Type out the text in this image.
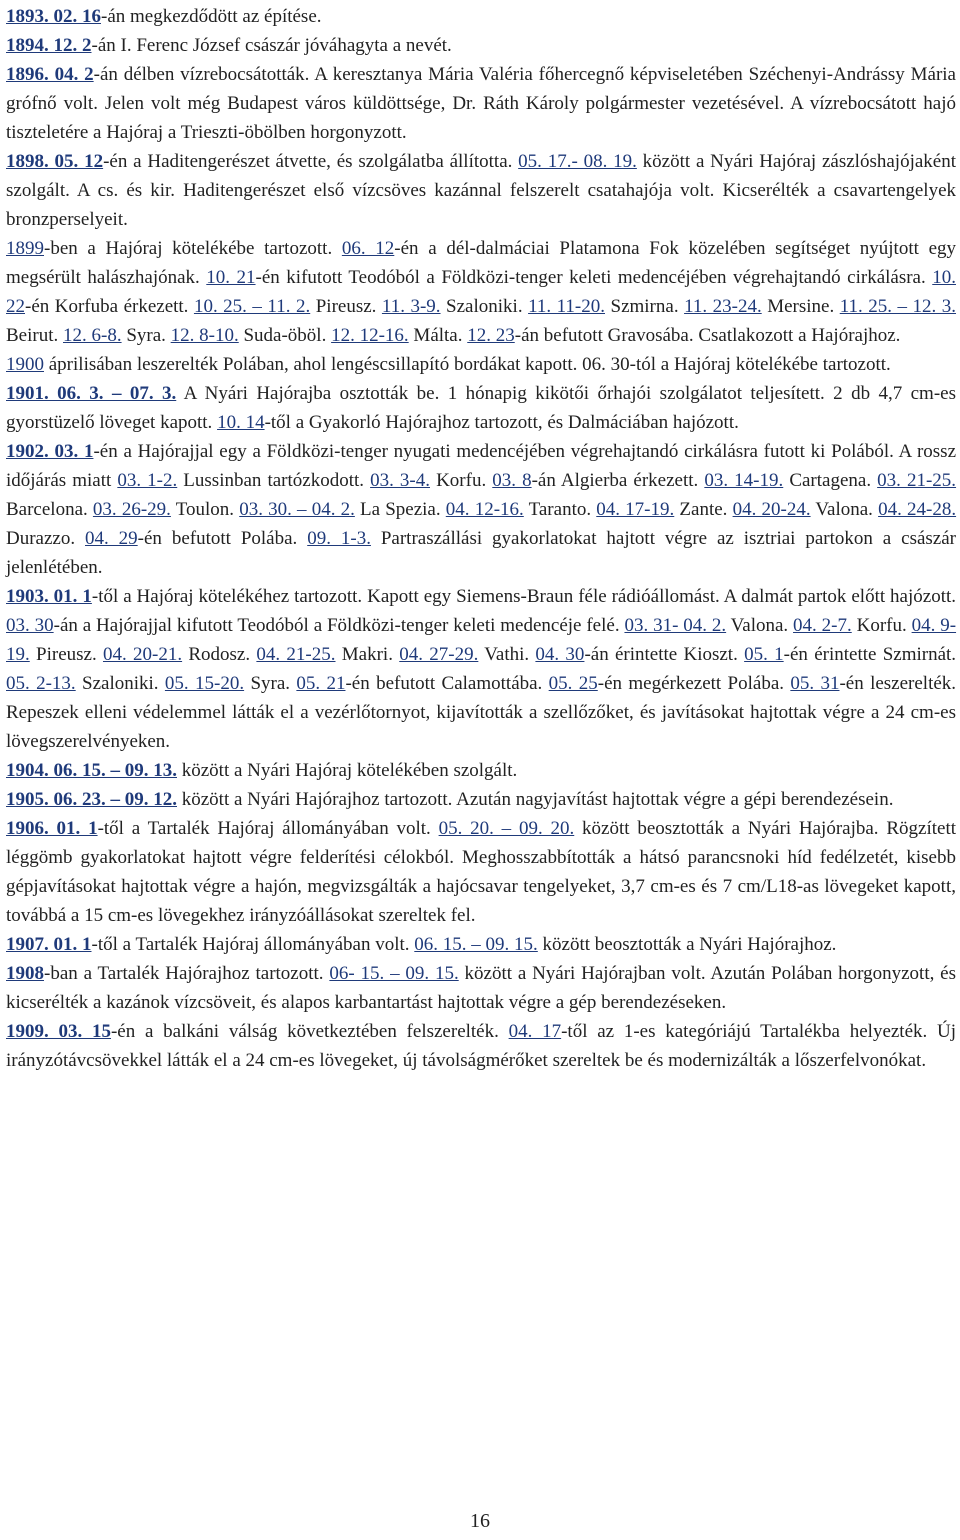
1893. 02. 16-án megkezdődött az építése.

1894. 12. 2-án I. Ferenc József császár jóváhagyta a nevét.

1896. 04. 2-án délben vízrebocsátották. A keresztanya Mária Valéria főhercegnő képviseletében Széchenyi-Andrássy Mária grófnő volt. Jelen volt még Budapest város küldöttsége, Dr. Ráth Károly polgármester vezetésével. A vízrebocsátott hajó tiszteletére a Hajóraj a Trieszti-öbölben horgonyzott.

1898. 05. 12-én a Haditengerészet átvette, és szolgálatba állította. 05. 17.- 08. 19. között a Nyári Hajóraj zászlóshajójaként szolgált. A cs. és kir. Haditengerészet első vízcsöves kazánnal felszerelt csatahajója volt. Kicserélték a csavartengelyek bronzperselyeit.

1899-ben a Hajóraj kötelékébe tartozott. 06. 12-én a dél-dalmáciai Platamona Fok közelében segítséget nyújtott egy megsérült halászhajónak. 10. 21-én kifutott Teodóból a Földközi-tenger keleti medencéjében végrehajtandó cirkálásra. 10. 22-én Korfuba érkezett. 10. 25. – 11. 2. Pireusz. 11. 3-9. Szaloniki. 11. 11-20. Szmirna. 11. 23-24. Mersine. 11. 25. – 12. 3. Beirut. 12. 6-8. Syra. 12. 8-10. Suda-öböl. 12. 12-16. Málta. 12. 23-án befutott Gravosába. Csatlakozott a Hajórajhoz.

1900 áprilisában leszerelték Polában, ahol lengéscsillapító bordákat kapott. 06. 30-tól a Hajóraj kötelékébe tartozott.

1901. 06. 3. – 07. 3. A Nyári Hajórajba osztották be. 1 hónapig kikötői őrhajói szolgálatot teljesített. 2 db 4,7 cm-es gyorstüzelő löveget kapott. 10. 14-től a Gyakorló Hajórajhoz tartozott, és Dalmáciában hajózott.

1902. 03. 1-én a Hajórajjal egy a Földközi-tenger nyugati medencéjében végrehajtandó cirkálásra futott ki Polából. A rossz időjárás miatt 03. 1-2. Lussinban tartózkodott. 03. 3-4. Korfu. 03. 8-án Algierba érkezett. 03. 14-19. Cartagena. 03. 21-25. Barcelona. 03. 26-29. Toulon. 03. 30. – 04. 2. La Spezia. 04. 12-16. Taranto. 04. 17-19. Zante. 04. 20-24. Valona. 04. 24-28. Durazzo. 04. 29-én befutott Polába. 09. 1-3. Partraszállási gyakorlatokat hajtott végre az isztriai partokon a császár jelenlétében.

1903. 01. 1-től a Hajóraj kötelékéhez tartozott. Kapott egy Siemens-Braun féle rádióállomást. A dalmát partok előtt hajózott. 03. 30-án a Hajórajjal kifutott Teodóból a Földközi-tenger keleti medencéje felé. 03. 31- 04. 2. Valona. 04. 2-7. Korfu. 04. 9-19. Pireusz. 04. 20-21. Rodosz. 04. 21-25. Makri. 04. 27-29. Vathi. 04. 30-án érintette Kioszt. 05. 1-én érintette Szmirnát. 05. 2-13. Szaloniki. 05. 15-20. Syra. 05. 21-én befutott Calamottába. 05. 25-én megérkezett Polába. 05. 31-én leszerelték. Repeszek elleni védelemmel látták el a vezérlőtornyot, kijavították a szellőzőket, és javításokat hajtottak végre a 24 cm-es lövegszerelvényeken.

1904. 06. 15. – 09. 13. között a Nyári Hajóraj kötelékében szolgált.

1905. 06. 23. – 09. 12. között a Nyári Hajórajhoz tartozott. Azután nagyjavítást hajtottak végre a gépi berendezésein.

1906. 01. 1-től a Tartalék Hajóraj állományában volt. 05. 20. – 09. 20. között beosztották a Nyári Hajórajba. Rögzített léggömb gyakorlatokat hajtott végre felderítési célokból. Meghosszabbították a hátsó parancsnoki híd fedélzetét, kisebb gépjavításokat hajtottak végre a hajón, megvizsgálták a hajócsavar tengelyeket, 3,7 cm-es és 7 cm/L18-as lövegeket kapott, továbbá a 15 cm-es lövegekhez irányzóállásokat szereltek fel.

1907. 01. 1-től a Tartalék Hajóraj állományában volt. 06. 15. – 09. 15. között beosztották a Nyári Hajórajhoz.

1908-ban a Tartalék Hajórajhoz tartozott. 06- 15. – 09. 15. között a Nyári Hajórajban volt. Azután Polában horgonyzott, és kicserélték a kazánok vízcsöveit, és alapos karbantartást hajtottak végre a gép berendezéseken.

1909. 03. 15-én a balkáni válság következtében felszerelték. 04. 17-től az 1-es kategóriájú Tartalékba helyezték. Új irányzótávcsövekkel látták el a 24 cm-es lövegeket, új távolságmérőket szereltek be és modernizálták a lőszerfelvonókat.

16
